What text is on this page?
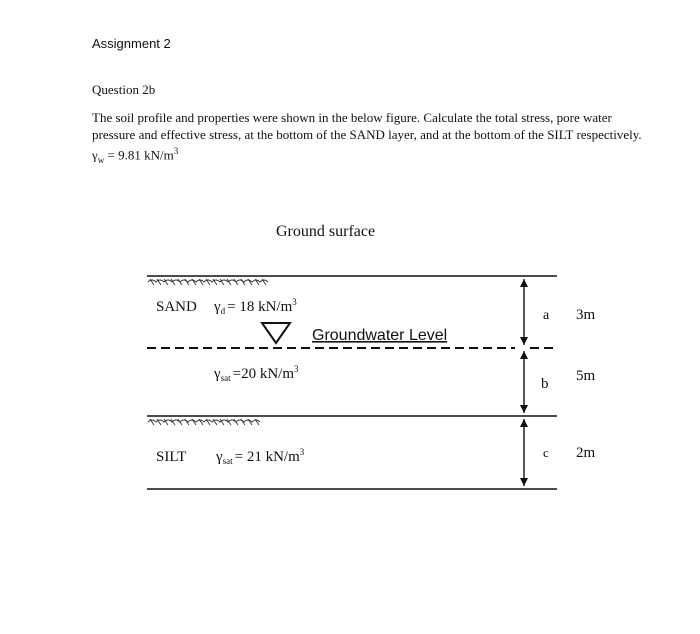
Assignment 2
Question 2b
The soil profile and properties were shown in the below figure. Calculate the total stress, pore water pressure and effective stress, at the bottom of the SAND layer, and at the bottom of the SILT respectively. $\gamma_w = 9.81$ $kN/m^3$
Ground surface
SAND $\gamma_d = 18$ $kN/m^3$
Groundwater Level
$\gamma_{sat} =20$ $kN/m^3$
SILT $\gamma_{sat} = 21$ $kN/m^3$
a 3m
b 5m
c 2m
